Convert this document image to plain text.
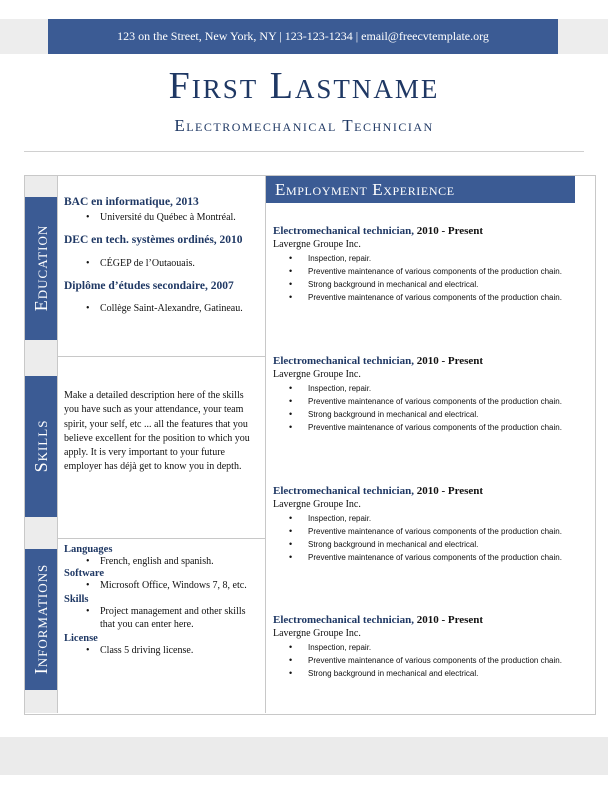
123 on the Street, New York, NY | 123-123-1234 | email@freecvtemplate.org
First Lastname
Electromechanical Technician
Education
Skills
Informations
BAC en informatique, 2013
• Université du Québec à Montréal.
DEC en tech. systèmes ordinés, 2010
• CÉGEP de l’Outaouais.
Diplôme d’études secondaire, 2007
• Collège Saint-Alexandre, Gatineau.
Make a detailed description here of the skills you have such as your attendance, your team spirit, your self, etc ... all the features that you believe excellent for the position to which you apply. It is very important to your future employer has déjà get to know you in depth.
Languages
• French, english and spanish.
Software
• Microsoft Office, Windows 7, 8, etc.
Skills
• Project management and other skills that you can enter here.
License
• Class 5 driving license.
Employment Experience
Electromechanical technician, 2010 - Present
Lavergne Groupe Inc.
• Inspection, repair.
• Preventive maintenance of various components of the production chain.
• Strong background in mechanical and electrical.
• Preventive maintenance of various components of the production chain.
Electromechanical technician, 2010 - Present
Lavergne Groupe Inc.
• Inspection, repair.
• Preventive maintenance of various components of the production chain.
• Strong background in mechanical and electrical.
• Preventive maintenance of various components of the production chain.
Electromechanical technician, 2010 - Present
Lavergne Groupe Inc.
• Inspection, repair.
• Preventive maintenance of various components of the production chain.
• Strong background in mechanical and electrical.
• Preventive maintenance of various components of the production chain.
Electromechanical technician, 2010 - Present
Lavergne Groupe Inc.
• Inspection, repair.
• Preventive maintenance of various components of the production chain.
• Strong background in mechanical and electrical.
